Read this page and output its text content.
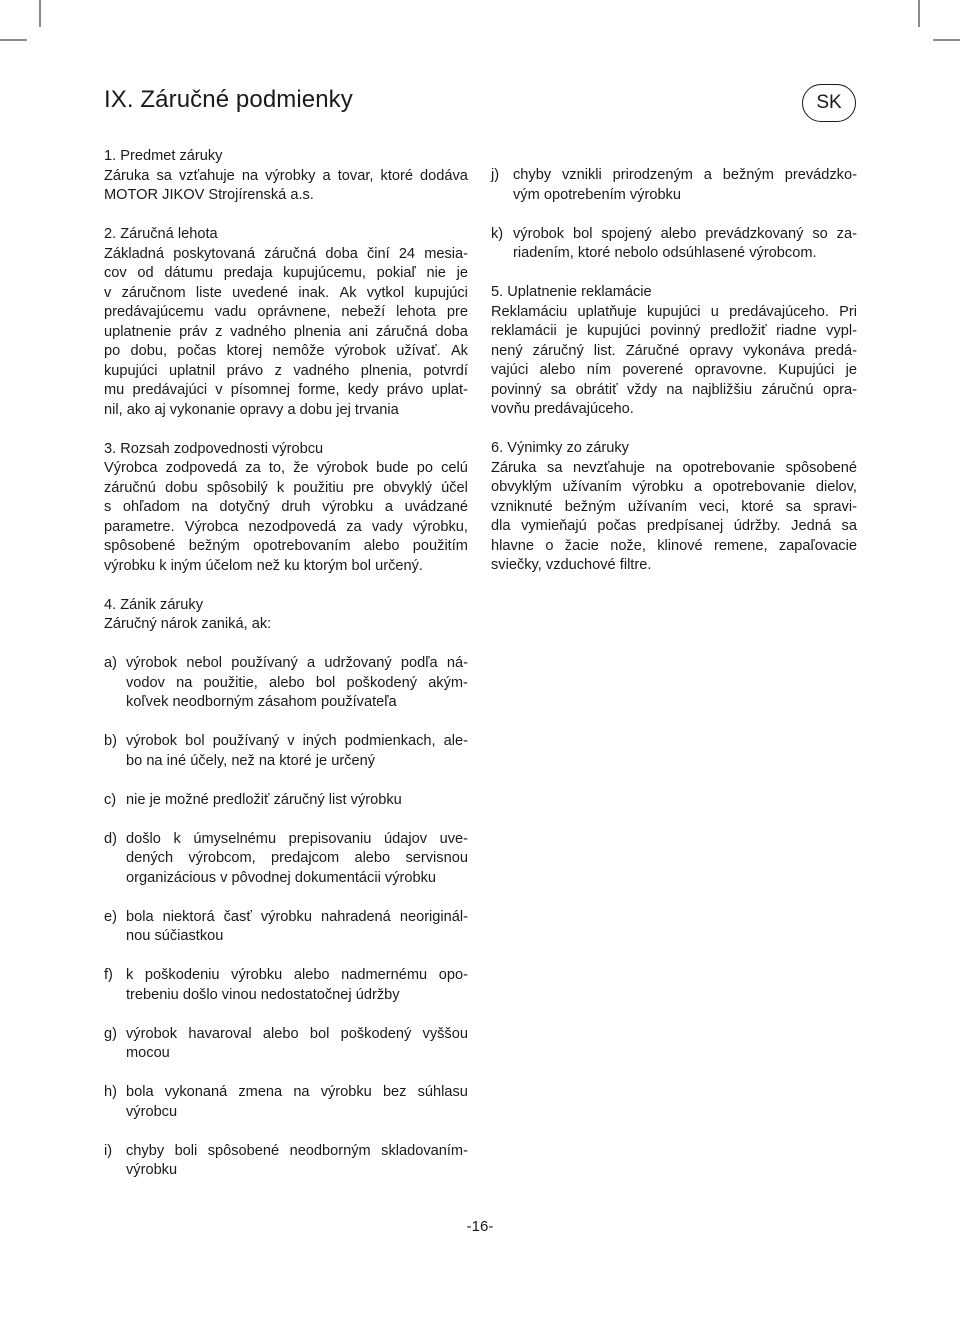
IX. Záručné podmienky	SK
1. Predmet záruky
Záruka sa vzťahuje na výrobky a tovar, ktoré dodáva
MOTOR JIKOV Strojírenská a.s.
2. Záručná lehota
Základná poskytovaná záručná doba činí 24 mesia-
cov od dátumu predaja kupujúcemu, pokiaľ nie je
v záručnom liste uvedené inak. Ak vytkol kupujúci
predávajúcemu vadu oprávnene, nebeží lehota pre
uplatnenie práv z vadného plnenia ani záručná doba
po dobu, počas ktorej nemôže výrobok užívať. Ak
kupujúci uplatnil právo z vadného plnenia, potvrdí
mu predávajúci v písomnej forme, kedy právo uplat-
nil, ako aj vykonanie opravy a dobu jej trvania
3. Rozsah zodpovednosti výrobcu
Výrobca zodpovedá za to, že výrobok bude po celú
záručnú dobu spôsobilý k použitiu pre obvyklý účel
s ohľadom na dotyčný druh výrobku a uvádzané
parametre. Výrobca nezodpovedá za vady výrobku,
spôsobené bežným opotrebovaním alebo použitím
výrobku k iným účelom než ku ktorým bol určený.
4. Zánik záruky
Záručný nárok zaniká, ak:
a) výrobok nebol používaný a udržovaný podľa ná-
vodov na použitie, alebo bol poškodený akým-
koľvek neodborným zásahom používateľa
b) výrobok bol používaný v iných podmienkach, ale-
bo na iné účely, než na ktoré je určený
c) nie je možné predložiť záručný list výrobku
d) došlo k úmyselnému prepisovaniu údajov uve-
dených výrobcom, predajcom alebo servisnou
organizácious v pôvodnej dokumentácii výrobku
e) bola niektorá časť výrobku nahradená neoriginál-
nou súčiastkou
f) k poškodeniu výrobku alebo nadmernému opo-
trebeniu došlo vinou nedostatočnej údržby
g) výrobok havaroval alebo bol poškodený vyššou
mocou
h) bola vykonaná zmena na výrobku bez súhlasu
výrobcu
i) chyby boli spôsobené neodborným skladovaním-
výrobku
j) chyby vznikli prirodzeným a bežným prevádzko-
vým opotrebením výrobku
k) výrobok bol spojený alebo prevádzkovaný so za-
riadením, ktoré nebolo odsúhlasené výrobcom.
5. Uplatnenie reklamácie
Reklamáciu uplatňuje kupujúci u predávajúceho. Pri
reklamácii je kupujúci povinný predložiť riadne vypl-
nený záručný list. Záručné opravy vykonáva predá-
vajúci alebo ním poverené opravovne. Kupujúci je
povinný sa obrátiť vždy na najbližšiu záručnú opra-
vovňu predávajúceho.
6. Výnimky zo záruky
Záruka sa nevzťahuje na opotrebovanie spôsobené
obvyklým užívaním výrobku a opotrebovanie dielov,
vzniknuté bežným užívaním veci, ktoré sa spravi-
dla vymieňajú počas predpísanej údržby. Jedná sa
hlavne o žacie nože, klinové remene, zapaľovacie
sviečky, vzduchové filtre.
-16-
